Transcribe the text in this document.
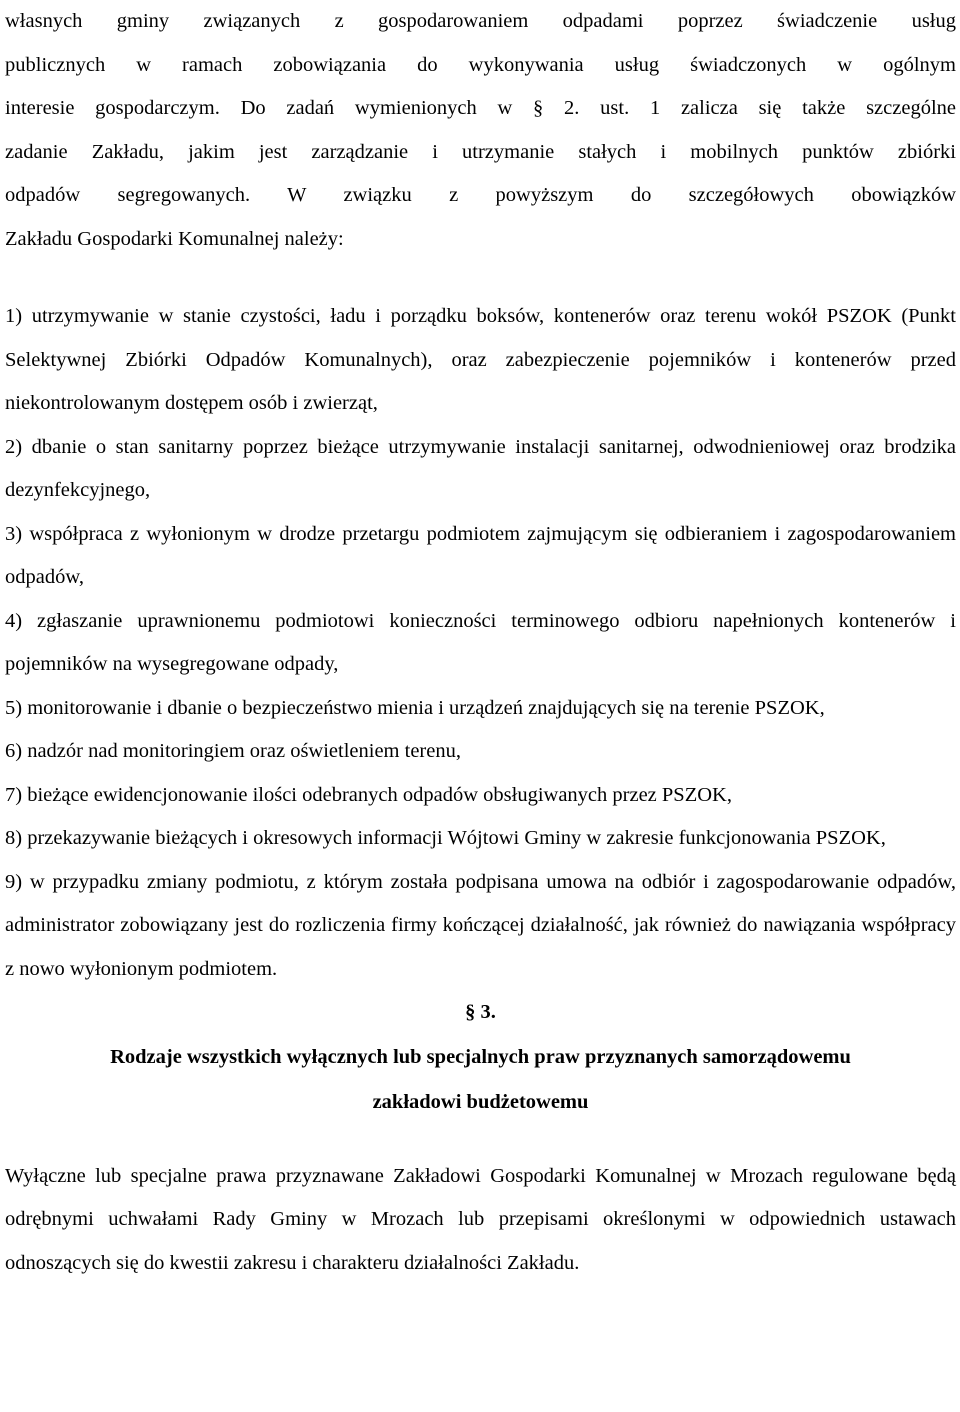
własnych gminy związanych z gospodarowaniem odpadami poprzez świadczenie usług
publicznych w ramach zobowiązania do wykonywania usług świadczonych w ogólnym
interesie gospodarczym. Do zadań wymienionych w § 2. ust. 1 zalicza się także szczególne
zadanie Zakładu, jakim jest zarządzanie i utrzymanie stałych i mobilnych punktów zbiórki
odpadów segregowanych. W związku z powyższym do szczegółowych obowiązków
Zakładu Gospodarki Komunalnej należy:

1) utrzymywanie w stanie czystości, ładu i porządku boksów, kontenerów oraz terenu wokół PSZOK (Punkt Selektywnej Zbiórki Odpadów Komunalnych), oraz zabezpieczenie pojemników i kontenerów przed niekontrolowanym dostępem osób i zwierząt,
2) dbanie o stan sanitarny poprzez bieżące utrzymywanie instalacji sanitarnej, odwodnieniowej oraz brodzika dezynfekcyjnego,
3) współpraca z wyłonionym w drodze przetargu podmiotem zajmującym się odbieraniem i zagospodarowaniem odpadów,
4) zgłaszanie uprawnionemu podmiotowi konieczności terminowego odbioru napełnionych kontenerów i pojemników na wysegregowane odpady,
5) monitorowanie i dbanie o bezpieczeństwo mienia i urządzeń znajdujących się na terenie PSZOK,
6) nadzór nad monitoringiem oraz oświetleniem terenu,
7) bieżące ewidencjonowanie ilości odebranych odpadów obsługiwanych przez PSZOK,
8) przekazywanie bieżących i okresowych informacji Wójtowi Gminy w zakresie funkcjonowania PSZOK,
9) w przypadku zmiany podmiotu, z którym została podpisana umowa na odbiór i zagospodarowanie odpadów, administrator zobowiązany jest do rozliczenia firmy kończącej działalność, jak również do nawiązania współpracy z nowo wyłonionym podmiotem.

§ 3.

Rodzaje wszystkich wyłącznych lub specjalnych praw przyznanych samorządowemu
zakładowi budżetowemu

Wyłączne lub specjalne prawa przyznawane Zakładowi Gospodarki Komunalnej w Mrozach regulowane będą odrębnymi uchwałami Rady Gminy w Mrozach lub przepisami określonymi w odpowiednich ustawach odnoszących się do kwestii zakresu i charakteru działalności Zakładu.
